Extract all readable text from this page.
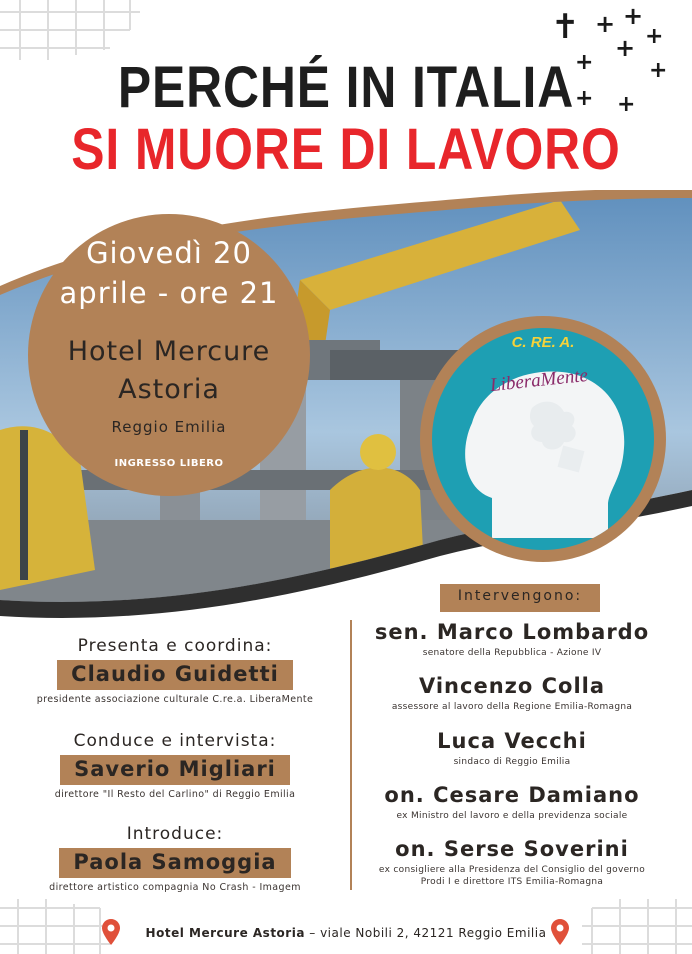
✝ + +
+
+
+	+
+ +
PERCHÉ IN ITALIA
SI MUORE DI LAVORO
Giovedì 20
aprile - ore 21
Hotel Mercure
Astoria
Reggio Emilia
INGRESSO LIBERO
C. RE. A.
LiberaMente
Intervengono:
Presenta e coordina:
Claudio Guidetti
presidente associazione culturale C.re.a. LiberaMente
Conduce e intervista:
Saverio Migliari
direttore "Il Resto del Carlino" di Reggio Emilia
Introduce:
Paola Samoggia
direttore artistico compagnia No Crash - Imagem
sen. Marco Lombardo
senatore della Repubblica - Azione IV
Vincenzo Colla
assessore al lavoro della Regione Emilia-Romagna
Luca Vecchi
sindaco di Reggio Emilia
on. Cesare Damiano
ex Ministro del lavoro e della previdenza sociale
on. Serse Soverini
ex consigliere alla Presidenza del Consiglio del governo Prodi I e direttore ITS Emilia-Romagna
Hotel Mercure Astoria – viale Nobili 2, 42121 Reggio Emilia
